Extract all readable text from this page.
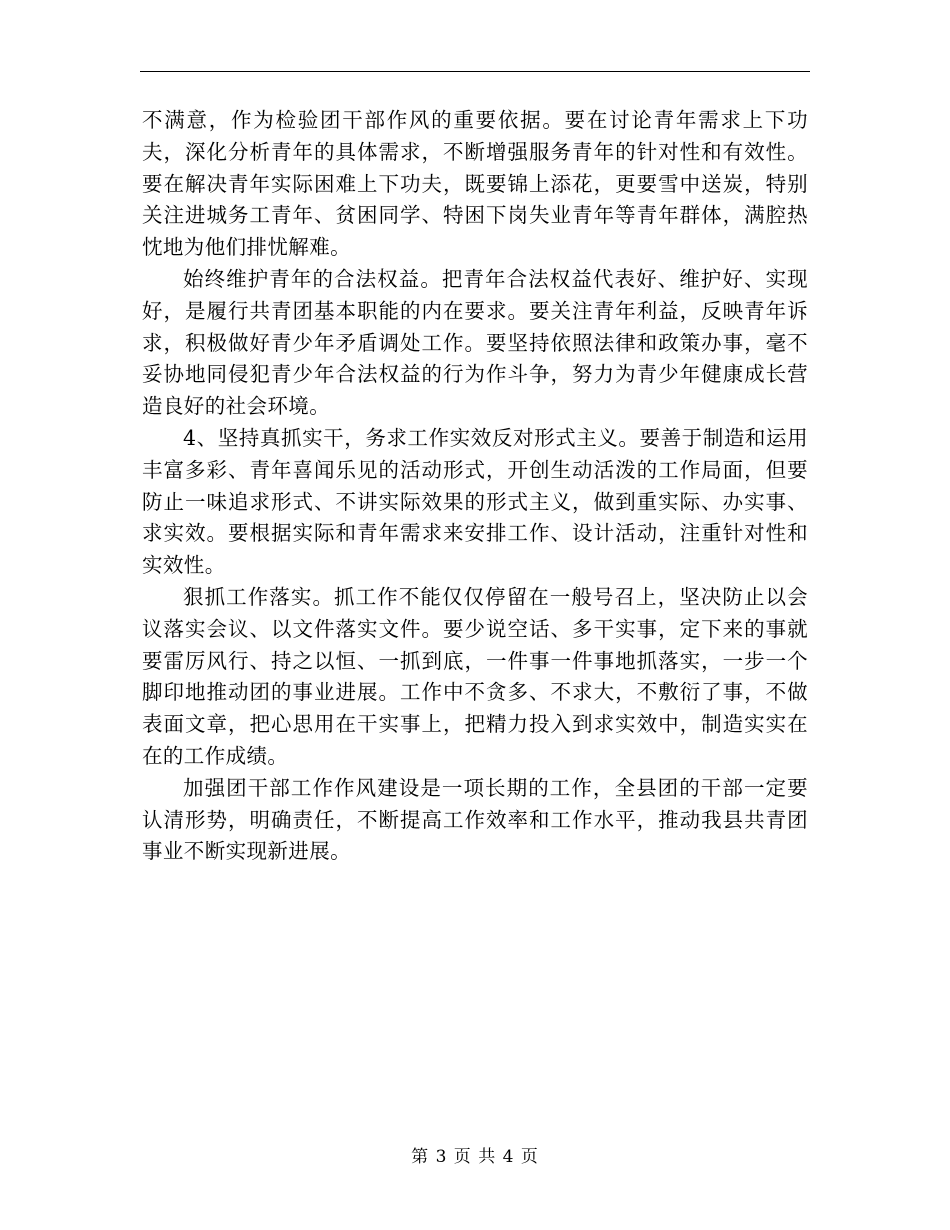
不满意，作为检验团干部作风的重要依据。要在讨论青年需求上下功夫，深化分析青年的具体需求，不断增强服务青年的针对性和有效性。要在解决青年实际困难上下功夫，既要锦上添花，更要雪中送炭，特别关注进城务工青年、贫困同学、特困下岗失业青年等青年群体，满腔热忱地为他们排忧解难。

始终维护青年的合法权益。把青年合法权益代表好、维护好、实现好，是履行共青团基本职能的内在要求。要关注青年利益，反映青年诉求，积极做好青少年矛盾调处工作。要坚持依照法律和政策办事，毫不妥协地同侵犯青少年合法权益的行为作斗争，努力为青少年健康成长营造良好的社会环境。

4、坚持真抓实干，务求工作实效反对形式主义。要善于制造和运用丰富多彩、青年喜闻乐见的活动形式，开创生动活泼的工作局面，但要防止一味追求形式、不讲实际效果的形式主义，做到重实际、办实事、求实效。要根据实际和青年需求来安排工作、设计活动，注重针对性和实效性。

狠抓工作落实。抓工作不能仅仅停留在一般号召上，坚决防止以会议落实会议、以文件落实文件。要少说空话、多干实事，定下来的事就要雷厉风行、持之以恒、一抓到底，一件事一件事地抓落实，一步一个脚印地推动团的事业进展。工作中不贪多、不求大，不敷衍了事，不做表面文章，把心思用在干实事上，把精力投入到求实效中，制造实实在在的工作成绩。

加强团干部工作作风建设是一项长期的工作，全县团的干部一定要认清形势，明确责任，不断提高工作效率和工作水平，推动我县共青团事业不断实现新进展。

第 3 页 共 4 页
